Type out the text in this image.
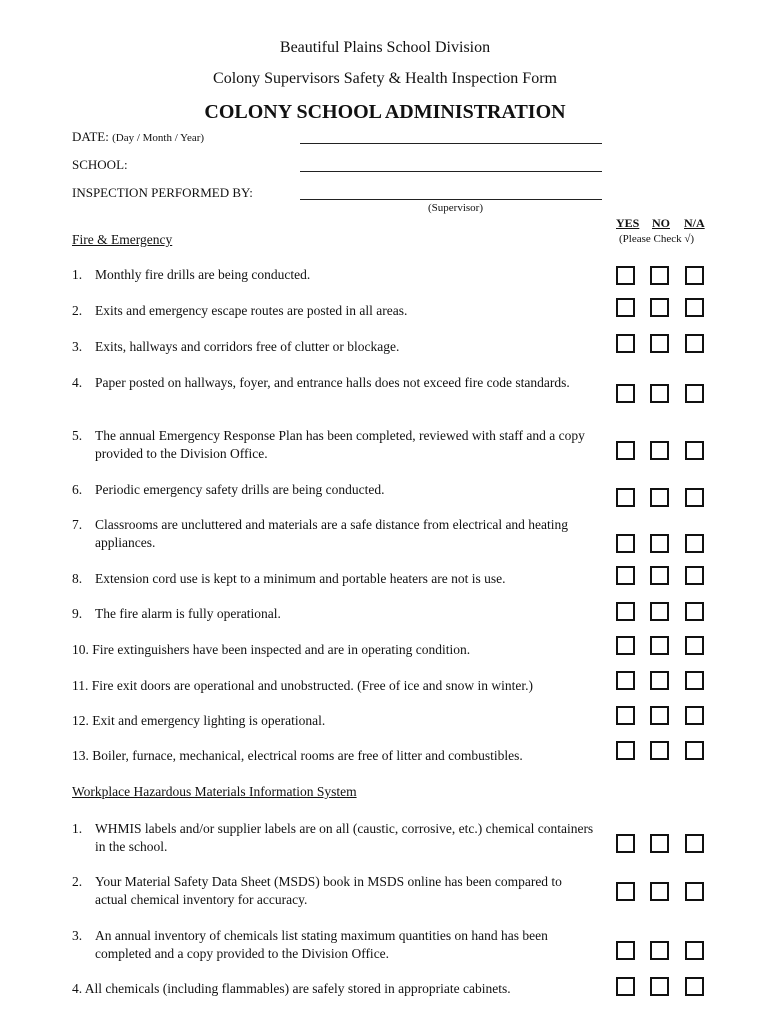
Beautiful Plains School Division
Colony Supervisors Safety & Health Inspection Form
COLONY SCHOOL ADMINISTRATION
DATE: (Day / Month / Year)
SCHOOL:
INSPECTION PERFORMED BY:
(Supervisor)
YES NO N/A
(Please Check √)
Fire & Emergency
1. Monthly fire drills are being conducted.
2. Exits and emergency escape routes are posted in all areas.
3. Exits, hallways and corridors free of clutter or blockage.
4. Paper posted on hallways, foyer, and entrance halls does not exceed fire code standards.
5. The annual Emergency Response Plan has been completed, reviewed with staff and a copy provided to the Division Office.
6. Periodic emergency safety drills are being conducted.
7. Classrooms are uncluttered and materials are a safe distance from electrical and heating appliances.
8. Extension cord use is kept to a minimum and portable heaters are not is use.
9. The fire alarm is fully operational.
10. Fire extinguishers have been inspected and are in operating condition.
11. Fire exit doors are operational and unobstructed. (Free of ice and snow in winter.)
12. Exit and emergency lighting is operational.
13. Boiler, furnace, mechanical, electrical rooms are free of litter and combustibles.
Workplace Hazardous Materials Information System
1. WHMIS labels and/or supplier labels are on all (caustic, corrosive, etc.) chemical containers in the school.
2. Your Material Safety Data Sheet (MSDS) book in MSDS online has been compared to actual chemical inventory for accuracy.
3. An annual inventory of chemicals list stating maximum quantities on hand has been completed and a copy provided to the Division Office.
4. All chemicals (including flammables) are safely stored in appropriate cabinets.
